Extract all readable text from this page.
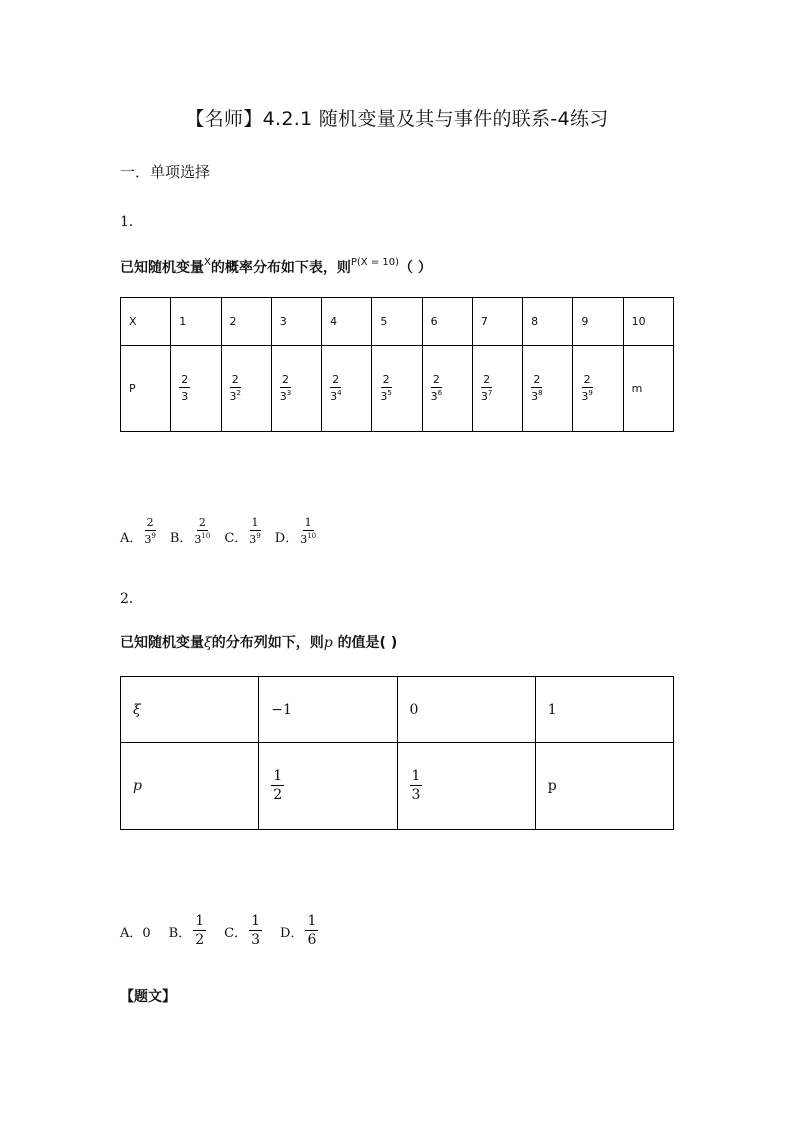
【名师】4.2.1 随机变量及其与事件的联系-4练习
一．单项选择
1．
已知随机变量$^X$的概率分布如下表，则$^{P(X = 10)}$（ ）
X	1	2	3	4	5	6	7	8	9	10
P	$\frac{2}{3}$	$\frac{2}{3^2}$	$\frac{2}{3^3}$	$\frac{2}{3^4}$	$\frac{2}{3^5}$	$\frac{2}{3^6}$	$\frac{2}{3^7}$	$\frac{2}{3^8}$	$\frac{2}{3^9}$	m
A． $\frac{2}{3^9}$ B． $\frac{2}{3^{10}}$ C． $\frac{1}{3^9}$ D． $\frac{1}{3^{10}}$
2．
已知随机变量ξ的分布列如下，则p 的值是( )
ξ	−1	0	1
p	$\frac{1}{2}$	$\frac{1}{3}$	p
A．0 B． $\frac{1}{2}$ C． $\frac{1}{3}$ D． $\frac{1}{6}$
【题文】
